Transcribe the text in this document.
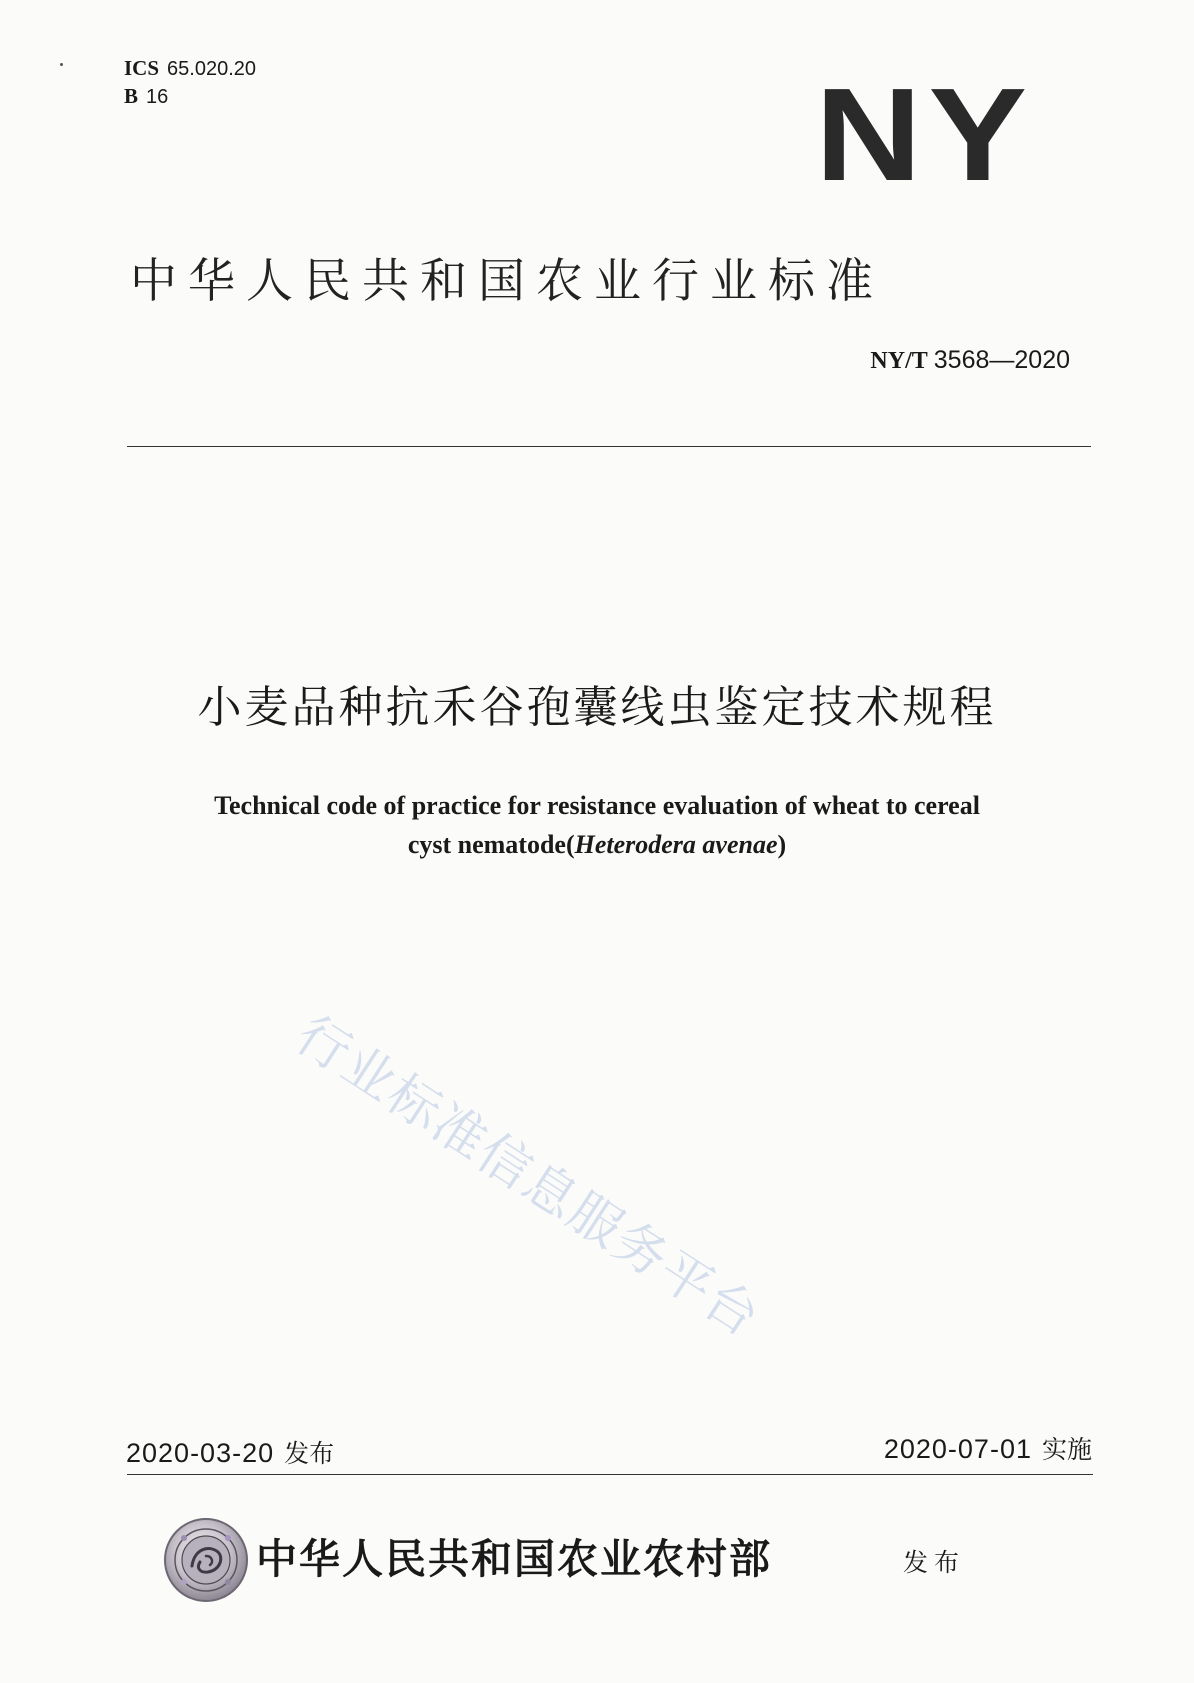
ICS 65.020.20
B 16	NY
中华人民共和国农业行业标准
NY/T 3568—2020
小麦品种抗禾谷孢囊线虫鉴定技术规程
Technical code of practice for resistance evaluation of wheat to cereal
cyst nematode(Heterodera avenae)
行业标准信息服务平台
2020-03-20 发布	2020-07-01 实施
中华人民共和国农业农村部	发布
